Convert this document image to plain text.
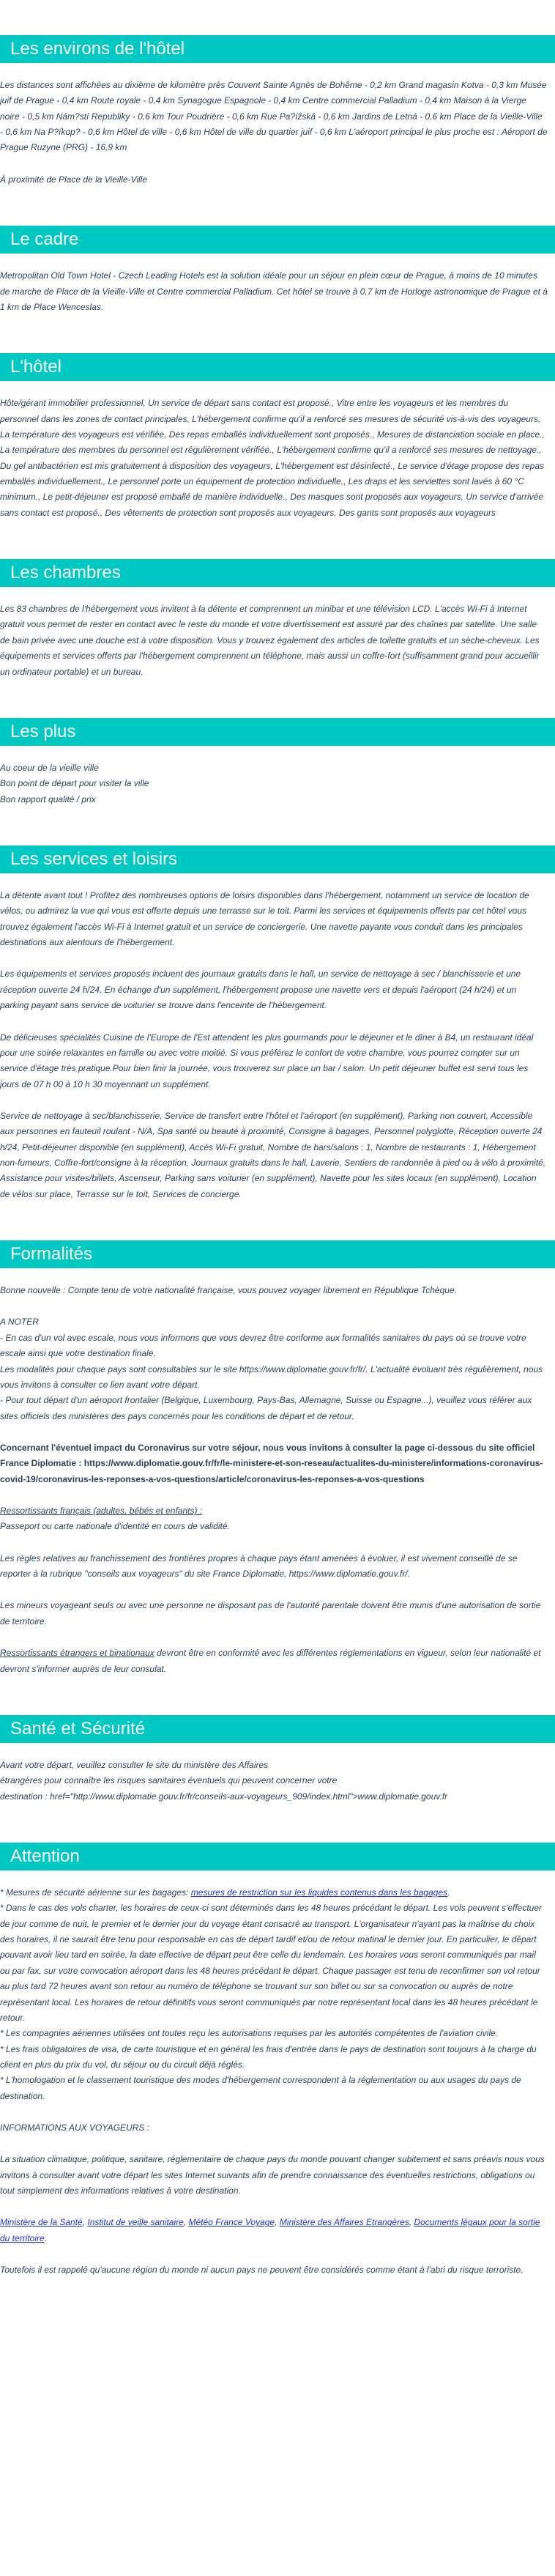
Les environs de l'hôtel

Les distances sont affichées au dixième de kilomètre près Couvent Sainte Agnès de Bohême - 0,2 km Grand magasin Kotva - 0,3 km Musée juif de Prague - 0,4 km Route royale - 0,4 km Synagogue Espagnole - 0,4 km Centre commercial Palladium - 0,4 km Maison à la Vierge noire - 0,5 km Nám?stí Republiky - 0,6 km Tour Poudrière - 0,6 km Rue Pa?ížská - 0,6 km Jardins de Letná - 0,6 km Place de la Vieille-Ville - 0,6 km Na P?íkop? - 0,6 km Hôtel de ville - 0,6 km Hôtel de ville du quartier juif - 0,6 km L'aéroport principal le plus proche est : Aéroport de Prague Ruzyne (PRG) - 16,9 km

À proximité de Place de la Vieille-Ville

Le cadre

Metropolitan Old Town Hotel - Czech Leading Hotels est la solution idéale pour un séjour en plein cœur de Prague, à moins de 10 minutes de marche de Place de la Vieille-Ville et Centre commercial Palladium. Cet hôtel se trouve à 0,7 km de Horloge astronomique de Prague et à 1 km de Place Wenceslas.

L'hôtel

Hôte/gérant immobilier professionnel, Un service de départ sans contact est proposé., Vitre entre les voyageurs et les membres du personnel dans les zones de contact principales, L'hébergement confirme qu'il a renforcé ses mesures de sécurité vis-à-vis des voyageurs, La température des voyageurs est vérifiée, Des repas emballés individuellement sont proposés., Mesures de distanciation sociale en place., La température des membres du personnel est régulièrement vérifiée., L'hébergement confirme qu'il a renforcé ses mesures de nettoyage., Du gel antibactérien est mis gratuitement à disposition des voyageurs, L'hébergement est désinfecté., Le service d'étage propose des repas emballés individuellement., Le personnel porte un équipement de protection individuelle., Les draps et les serviettes sont lavés à 60 °C minimum., Le petit-déjeuner est proposé emballé de manière individuelle., Des masques sont proposés aux voyageurs, Un service d'arrivée sans contact est proposé., Des vêtements de protection sont proposés aux voyageurs, Des gants sont proposés aux voyageurs

Les chambres

Les 83 chambres de l'hébergement vous invitent à la détente et comprennent un minibar et une télévision LCD. L'accès Wi-Fi à Internet gratuit vous permet de rester en contact avec le reste du monde et votre divertissement est assuré par des chaînes par satellite. Une salle de bain privée avec une douche est à votre disposition. Vous y trouvez également des articles de toilette gratuits et un sèche-cheveux. Les équipements et services offerts par l'hébergement comprennent un téléphone, mais aussi un coffre-fort (suffisamment grand pour accueillir un ordinateur portable) et un bureau.

Les plus
Au coeur de la vieille ville
Bon point de départ pour visiter la ville
Bon rapport qualité / prix
Les services et loisirs

La détente avant tout ! Profitez des nombreuses options de loisirs disponibles dans l'hébergement, notamment un service de location de vélos, ou admirez la vue qui vous est offerte depuis une terrasse sur le toit. Parmi les services et équipements offerts par cet hôtel vous trouvez également l'accès Wi-Fi à Internet gratuit et un service de conciergerie. Une navette payante vous conduit dans les principales destinations aux alentours de l'hébergement.

Les équipements et services proposés incluent des journaux gratuits dans le hall, un service de nettoyage à sec / blanchisserie et une réception ouverte 24 h/24. En échange d'un supplément, l'hébergement propose une navette vers et depuis l'aéroport (24 h/24) et un parking payant sans service de voiturier se trouve dans l'enceinte de l'hébergement.

De délicieuses spécialités Cuisine de l'Europe de l'Est attendent les plus gourmands pour le déjeuner et le dîner à B4, un restaurant idéal pour une soirée relaxantes en famille ou avec votre moitié. Si vous préférez le confort de votre chambre, vous pourrez compter sur un service d'étage très pratique.Pour bien finir la journée, vous trouverez sur place un bar / salon. Un petit déjeuner buffet est servi tous les jours de 07 h 00 à 10 h 30 moyennant un supplément.

Service de nettoyage à sec/blanchisserie, Service de transfert entre l'hôtel et l'aéroport (en supplément), Parking non couvert, Accessible aux personnes en fauteuil roulant - N/A, Spa santé ou beauté à proximité, Consigne à bagages, Personnel polyglotte, Réception ouverte 24 h/24, Petit-déjeuner disponible (en supplément), Accès Wi-Fi gratuit, Nombre de bars/salons : 1, Nombre de restaurants : 1, Hébergement non-fumeurs, Coffre-fort/consigne à la réception, Journaux gratuits dans le hall, Laverie, Sentiers de randonnée à pied ou à vélo à proximité, Assistance pour visites/billets, Ascenseur, Parking sans voiturier (en supplément), Navette pour les sites locaux (en supplément), Location de vélos sur place, Terrasse sur le toit, Services de concierge.

Formalités

Bonne nouvelle : Compte tenu de votre nationalité française, vous pouvez voyager librement en République Tchèque.

A NOTER
- En cas d'un vol avec escale, nous vous informons que vous devrez être conforme aux formalités sanitaires du pays où se trouve votre escale ainsi que votre destination finale.
Les modalités pour chaque pays sont consultables sur le site https://www.diplomatie.gouv.fr/fr/. L'actualité évoluant très régulièrement, nous vous invitons à consulter ce lien avant votre départ.
- Pour tout départ d'un aéroport frontalier (Belgique, Luxembourg, Pays-Bas, Allemagne, Suisse ou Espagne...), veuillez vous référer aux sites officiels des ministères des pays concernés pour les conditions de départ et de retour.

Concernant l'éventuel impact du Coronavirus sur votre séjour, nous vous invitons à consulter la page ci-dessous du site officiel France Diplomatie : https://www.diplomatie.gouv.fr/fr/le-ministere-et-son-reseau/actualites-du-ministere/informations-coronavirus-covid-19/coronavirus-les-reponses-a-vos-questions/article/coronavirus-les-reponses-a-vos-questions

Ressortissants français (adultes, bébés et enfants) :
Passeport ou carte nationale d'identité en cours de validité.

Les règles relatives au franchissement des frontières propres à chaque pays étant amenées à évoluer, il est vivement conseillé de se reporter à la rubrique "conseils aux voyageurs" du site France Diplomatie, https://www.diplomatie.gouv.fr/.

Les mineurs voyageant seuls ou avec une personne ne disposant pas de l'autorité parentale doivent être munis d'une autorisation de sortie de territoire.

Ressortissants étrangers et binationaux devront être en conformité avec les différentes réglementations en vigueur, selon leur nationalité et devront s'informer auprès de leur consulat.

Santé et Sécurité
Avant votre départ, veuillez consulter le site du ministère des Affaires
étrangères pour connaître les risques sanitaires éventuels qui peuvent concerner votre
destination : href="http://www.diplomatie.gouv.fr/fr/conseils-aux-voyageurs_909/index.html">www.diplomatie.gouv.fr
Attention
* Mesures de sécurité aérienne sur les bagages: mesures de restriction sur les liquides contenus dans les bagages.
* Dans le cas des vols charter, les horaires de ceux-ci sont déterminés dans les 48 heures précédant le départ. Les vols peuvent s'effectuer de jour comme de nuit, le premier et le dernier jour du voyage étant consacré au transport. L'organisateur n'ayant pas la maîtrise du choix des horaires, il ne saurait être tenu pour responsable en cas de départ tardif et/ou de retour matinal le dernier jour. En particulier, le départ pouvant avoir lieu tard en soirée, la date effective de départ peut être celle du lendemain. Les horaires vous seront communiqués par mail ou par fax, sur votre convocation aéroport dans les 48 heures précédant le départ. Chaque passager est tenu de reconfirmer son vol retour au plus tard 72 heures avant son retour au numéro de téléphone se trouvant sur son billet ou sur sa convocation ou auprès de notre représentant local. Les horaires de retour définitifs vous seront communiqués par notre représentant local dans les 48 heures précédant le retour.
* Les compagnies aériennes utilisées ont toutes reçu les autorisations requises par les autorités compétentes de l'aviation civile.
* Les frais obligatoires de visa, de carte touristique et en général les frais d'entrée dans le pays de destination sont toujours à la charge du client en plus du prix du vol, du séjour ou du circuit déjà réglés.
* L'homologation et le classement touristique des modes d'hébergement correspondent à la réglementation ou aux usages du pays de destination.

INFORMATIONS AUX VOYAGEURS :

La situation climatique, politique, sanitaire, réglementaire de chaque pays du monde pouvant changer subitement et sans préavis nous vous invitons à consulter avant votre départ les sites Internet suivants afin de prendre connaissance des éventuelles restrictions, obligations ou tout simplement des informations relatives à votre destination.

Ministère de la Santé, Institut de veille sanitaire, Météo France Voyage, Ministère des Affaires Etrangères, Documents légaux pour la sortie du territoire.

Toutefois il est rappelé qu'aucune région du monde ni aucun pays ne peuvent être considérés comme étant à l'abri du risque terroriste.
